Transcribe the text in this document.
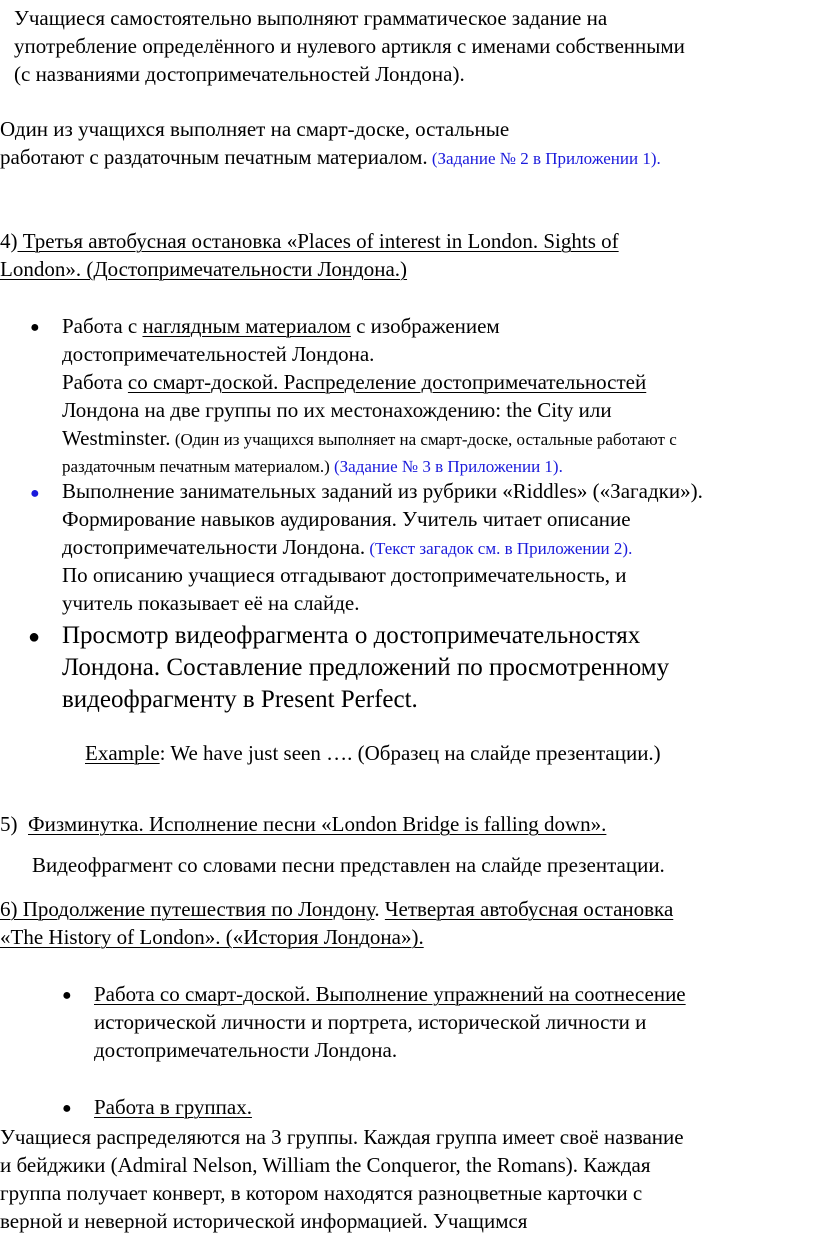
Учащиеся самостоятельно выполняют грамматическое задание на
употребление определённого и нулевого артикля с именами собственными
(с названиями достопримечательностей Лондона).
Один из учащихся выполняет на смарт-доске, остальные
работают с раздаточным печатным материалом. (Задание № 2 в Приложении 1).
4) Третья автобусная остановка «Places of interest in London. Sights of
London». (Достопримечательности Лондона.)
● Работа с наглядным материалом с изображением
достопримечательностей Лондона.
Работа со смарт-доской. Распределение достопримечательностей
Лондона на две группы по их местонахождению: the City или
Westminster. (Один из учащихся выполняет на смарт-доске, остальные работают с
раздаточным печатным материалом.) (Задание № 3 в Приложении 1).
● Выполнение занимательных заданий из рубрики «Riddles» («Загадки»).
Формирование навыков аудирования. Учитель читает описание
достопримечательности Лондона. (Текст загадок см. в Приложении 2).
По описанию учащиеся отгадывают достопримечательность, и
учитель показывает её на слайде.
● Просмотр видеофрагмента о достопримечательностях
Лондона. Составление предложений по просмотренному
видеофрагменту в Present Perfect.
Example: We have just seen …. (Образец на слайде презентации.)
5) Физминутка. Исполнение песни «London Bridge is falling down».
Видеофрагмент со словами песни представлен на слайде презентации.
6) Продолжение путешествия по Лондону. Четвертая автобусная остановка
«The History of London». («История Лондона»).
● Работа со смарт-доской. Выполнение упражнений на соотнесение
исторической личности и портрета, исторической личности и
достопримечательности Лондона.
● Работа в группах.
Учащиеся распределяются на 3 группы. Каждая группа имеет своё название
и бейджики (Admiral Nelson, William the Conqueror, the Romans). Каждая
группа получает конверт, в котором находятся разноцветные карточки с
верной и неверной исторической информацией. Учащимся
